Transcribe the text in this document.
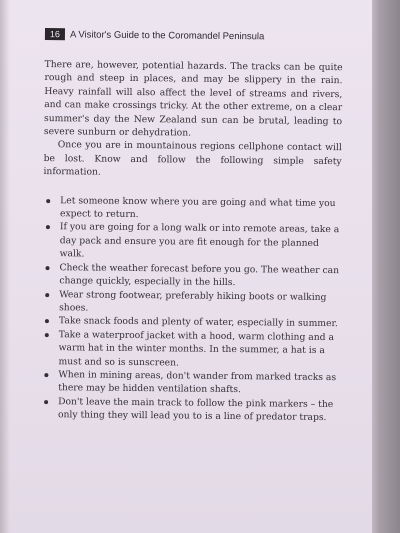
16	A Visitor's Guide to the Coromandel Peninsula

There are, however, potential hazards. The tracks can be quite rough and steep in places, and may be slippery in the rain. Heavy rainfall will also affect the level of streams and rivers, and can make crossings tricky. At the other extreme, on a clear summer's day the New Zealand sun can be brutal, leading to severe sunburn or dehydration.

Once you are in mountainous regions cellphone contact will be lost. Know and follow the following simple safety information.

Let someone know where you are going and what time you expect to return.
If you are going for a long walk or into remote areas, take a day pack and ensure you are fit enough for the planned walk.
Check the weather forecast before you go. The weather can change quickly, especially in the hills.
Wear strong footwear, preferably hiking boots or walking shoes.
Take snack foods and plenty of water, especially in summer.
Take a waterproof jacket with a hood, warm clothing and a warm hat in the winter months. In the summer, a hat is a must and so is sunscreen.
When in mining areas, don't wander from marked tracks as there may be hidden ventilation shafts.
Don't leave the main track to follow the pink markers – the only thing they will lead you to is a line of predator traps.
